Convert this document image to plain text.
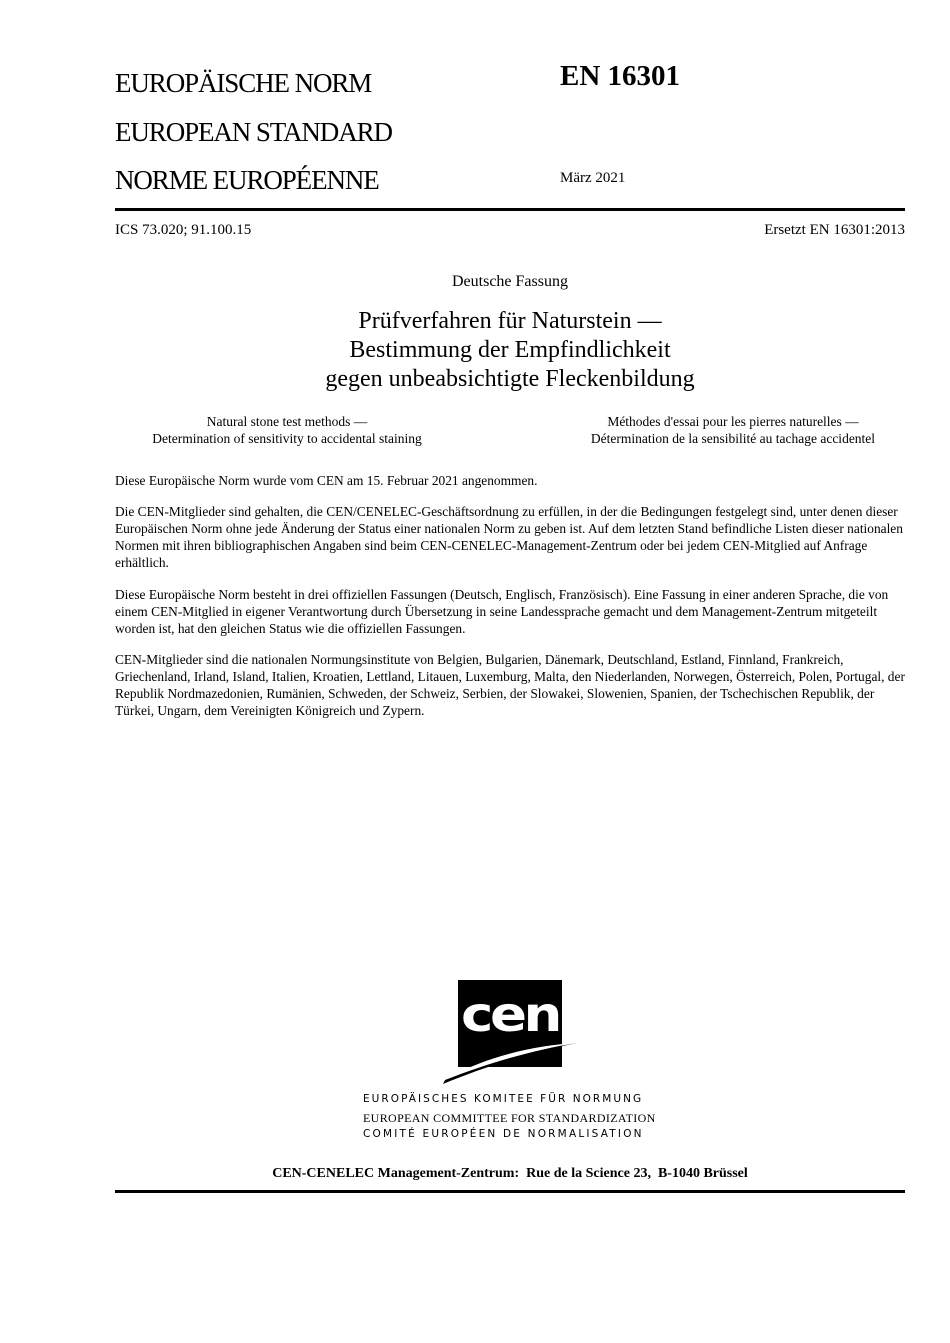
EUROPÄISCHE NORM
EUROPEAN STANDARD
NORME EUROPÉENNE
EN 16301
März 2021
ICS 73.020; 91.100.15	Ersetzt EN 16301:2013
Deutsche Fassung
Prüfverfahren für Naturstein —
Bestimmung der Empfindlichkeit
gegen unbeabsichtigte Fleckenbildung
Natural stone test methods —
Determination of sensitivity to accidental staining
Méthodes d'essai pour les pierres naturelles —
Détermination de la sensibilité au tachage accidentel
Diese Europäische Norm wurde vom CEN am 15. Februar 2021 angenommen.
Die CEN-Mitglieder sind gehalten, die CEN/CENELEC-Geschäftsordnung zu erfüllen, in der die Bedingungen festgelegt sind, unter denen dieser Europäischen Norm ohne jede Änderung der Status einer nationalen Norm zu geben ist. Auf dem letzten Stand befindliche Listen dieser nationalen Normen mit ihren bibliographischen Angaben sind beim CEN-CENELEC-Management-Zentrum oder bei jedem CEN-Mitglied auf Anfrage erhältlich.
Diese Europäische Norm besteht in drei offiziellen Fassungen (Deutsch, Englisch, Französisch). Eine Fassung in einer anderen Sprache, die von einem CEN-Mitglied in eigener Verantwortung durch Übersetzung in seine Landessprache gemacht und dem Management-Zentrum mitgeteilt worden ist, hat den gleichen Status wie die offiziellen Fassungen.
CEN-Mitglieder sind die nationalen Normungsinstitute von Belgien, Bulgarien, Dänemark, Deutschland, Estland, Finnland, Frankreich, Griechenland, Irland, Island, Italien, Kroatien, Lettland, Litauen, Luxemburg, Malta, den Niederlanden, Norwegen, Österreich, Polen, Portugal, der Republik Nordmazedonien, Rumänien, Schweden, der Schweiz, Serbien, der Slowakei, Slowenien, Spanien, der Tschechischen Republik, der Türkei, Ungarn, dem Vereinigten Königreich und Zypern.
cen
EUROPÄISCHES KOMITEE FÜR NORMUNG
EUROPEAN COMMITTEE FOR STANDARDIZATION
COMITÉ EUROPÉEN DE NORMALISATION
CEN-CENELEC Management-Zentrum:  Rue de la Science 23,  B-1040 Brüssel
